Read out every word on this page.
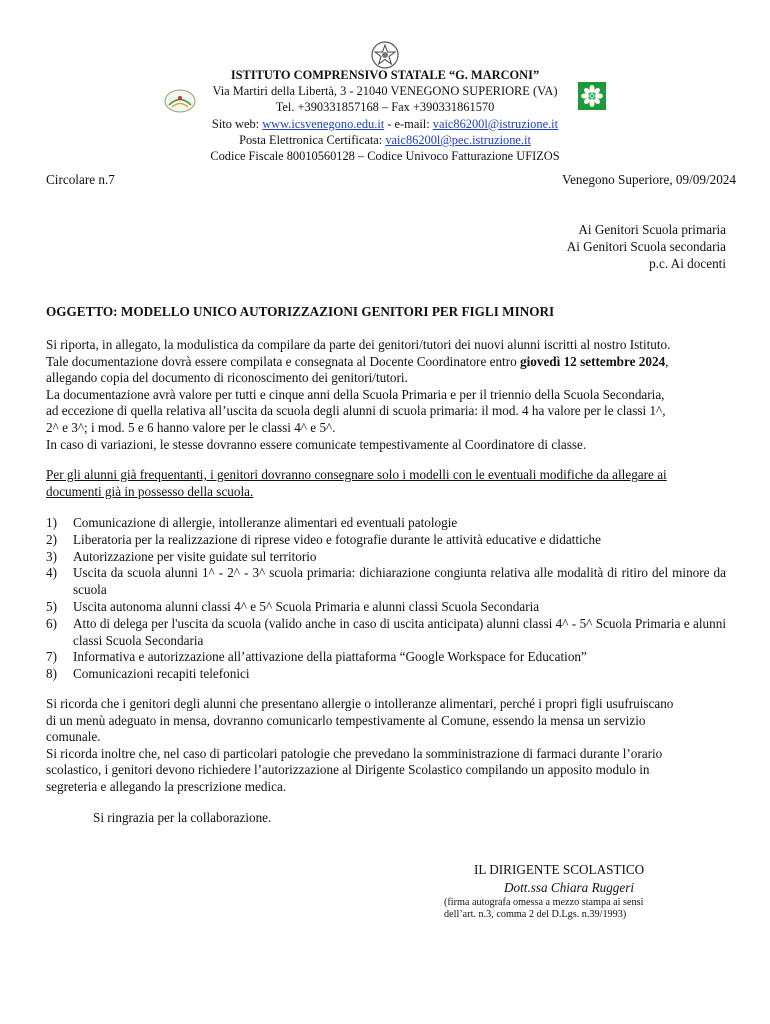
ISTITUTO COMPRENSIVO STATALE “G. MARCONI”
Via Martiri della Libertà, 3 - 21040 VENEGONO SUPERIORE (VA)
Tel. +390331857168 – Fax +390331861570
Sito web: www.icsvenegono.edu.it - e-mail: vaic86200l@istruzione.it
Posta Elettronica Certificata: vaic86200l@pec.istruzione.it
Codice Fiscale 80010560128 – Codice Univoco Fatturazione UFIZOS
Circolare n.7	Venegono Superiore, 09/09/2024
Ai Genitori Scuola primaria
Ai Genitori Scuola secondaria
p.c. Ai docenti
OGGETTO: MODELLO UNICO AUTORIZZAZIONI GENITORI PER FIGLI MINORI
Si riporta, in allegato, la modulistica da compilare da parte dei genitori/tutori dei nuovi alunni iscritti al nostro Istituto.
Tale documentazione dovrà essere compilata e consegnata al Docente Coordinatore entro giovedì 12 settembre 2024,
allegando copia del documento di riconoscimento dei genitori/tutori.
La documentazione avrà valore per tutti e cinque anni della Scuola Primaria e per il triennio della Scuola Secondaria,
ad eccezione di quella relativa all’uscita da scuola degli alunni di scuola primaria: il mod. 4 ha valore per le classi 1^,
2^ e 3^; i mod. 5 e 6 hanno valore per le classi 4^ e 5^.
In caso di variazioni, le stesse dovranno essere comunicate tempestivamente al Coordinatore di classe.
Per gli alunni già frequentanti, i genitori dovranno consegnare solo i modelli con le eventuali modifiche da allegare ai
documenti già in possesso della scuola.
1) Comunicazione di allergie, intolleranze alimentari ed eventuali patologie
2) Liberatoria per la realizzazione di riprese video e fotografie durante le attività educative e didattiche
3) Autorizzazione per visite guidate sul territorio
4) Uscita da scuola alunni 1^ - 2^ - 3^ scuola primaria: dichiarazione congiunta relativa alle modalità di ritiro del minore da scuola
5) Uscita autonoma alunni classi 4^ e 5^ Scuola Primaria e alunni classi Scuola Secondaria
6) Atto di delega per l'uscita da scuola (valido anche in caso di uscita anticipata) alunni classi 4^ - 5^ Scuola Primaria e alunni classi Scuola Secondaria
7) Informativa e autorizzazione all’attivazione della piattaforma “Google Workspace for Education”
8) Comunicazioni recapiti telefonici
Si ricorda che i genitori degli alunni che presentano allergie o intolleranze alimentari, perché i propri figli usufruiscano
di un menù adeguato in mensa, dovranno comunicarlo tempestivamente al Comune, essendo la mensa un servizio
comunale.
Si ricorda inoltre che, nel caso di particolari patologie che prevedano la somministrazione di farmaci durante l’orario
scolastico, i genitori devono richiedere l’autorizzazione al Dirigente Scolastico compilando un apposito modulo in
segreteria e allegando la prescrizione medica.
Si ringrazia per la collaborazione.
IL DIRIGENTE SCOLASTICO
Dott.ssa Chiara Ruggeri
(firma autografa omessa a mezzo stampa ai sensi
dell’art. n.3, comma 2 del D.Lgs. n.39/1993)
